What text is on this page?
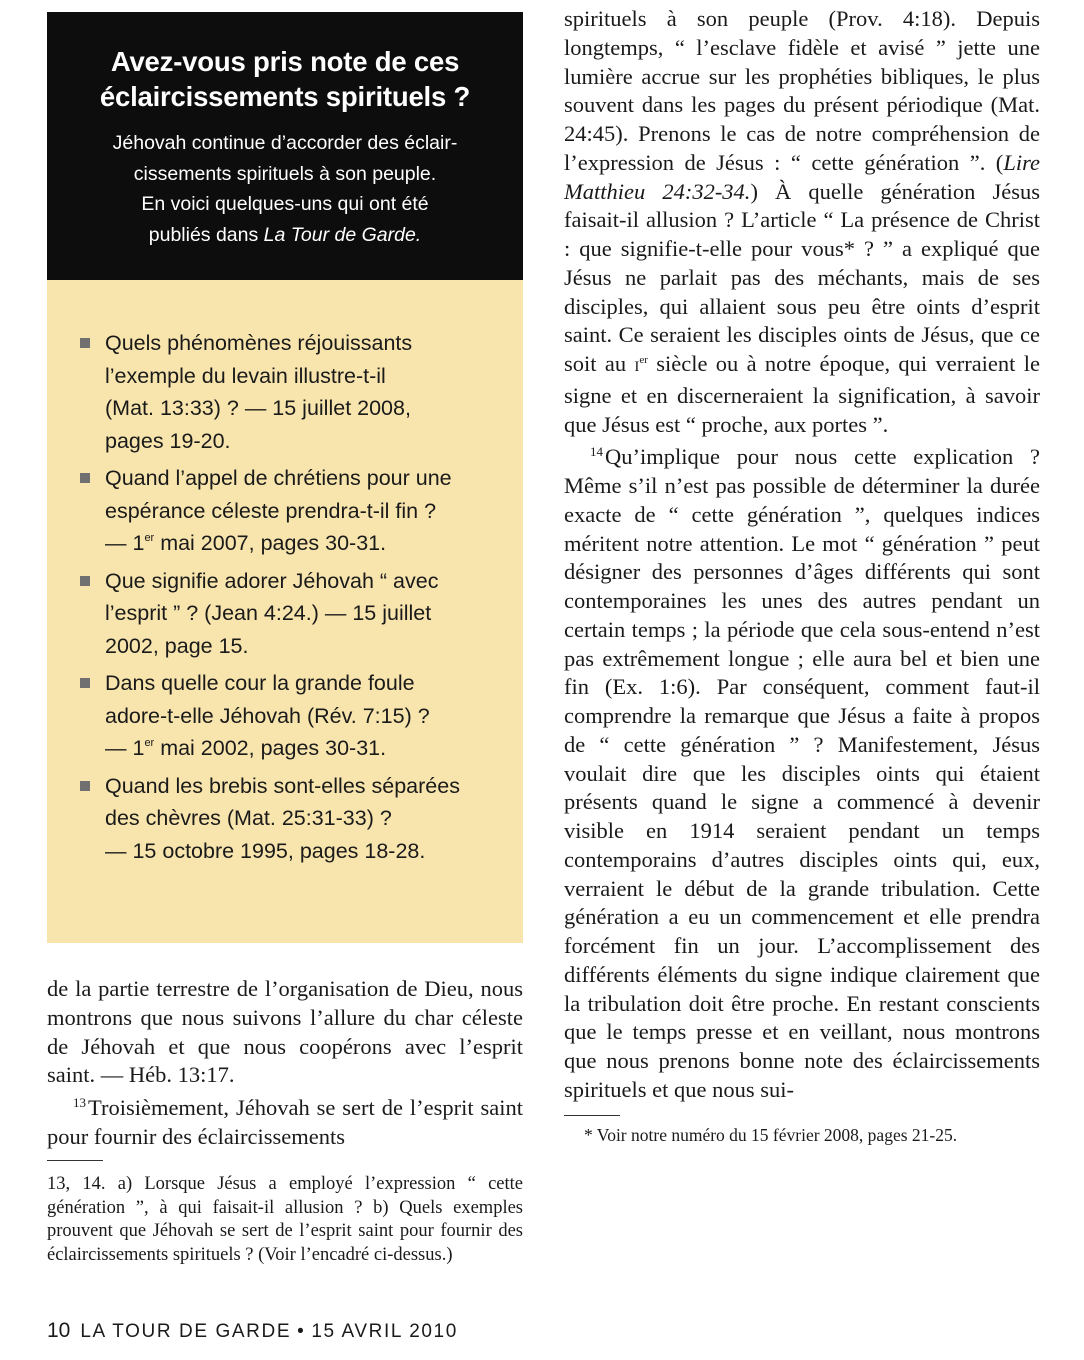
Avez-vous pris note de ces
éclaircissements spirituels ?
Jéhovah continue d’accorder des éclair-
cissements spirituels à son peuple.
En voici quelques-uns qui ont été
publiés dans La Tour de Garde.
Quels phénomènes réjouissants
l’exemple du levain illustre-t-il
(Mat. 13:33) ? — 15 juillet 2008,
pages 19-20.
Quand l’appel de chrétiens pour une
espérance céleste prendra-t-il fin ?
— 1er mai 2007, pages 30-31.
Que signifie adorer Jéhovah “ avec
l’esprit ” ? (Jean 4:24.) — 15 juillet
2002, page 15.
Dans quelle cour la grande foule
adore-t-elle Jéhovah (Rév. 7:15) ?
— 1er mai 2002, pages 30-31.
Quand les brebis sont-elles séparées
des chèvres (Mat. 25:31-33) ?
— 15 octobre 1995, pages 18-28.

de la partie terrestre de l’organisation de Dieu, nous montrons que nous suivons l’allure du char céleste de Jéhovah et que nous coopérons avec l’esprit saint. — Héb. 13:17.

$^{13}$Troisièmement, Jéhovah se sert de l’esprit saint pour fournir des éclaircissements

13, 14. a) Lorsque Jésus a employé l’expression “ cette génération ”, à qui faisait-il allusion ? b) Quels exemples prouvent que Jéhovah se sert de l’esprit saint pour fournir des éclaircissements spirituels ? (Voir l’encadré ci-dessus.)

spirituels à son peuple (Prov. 4:18). Depuis longtemps, “ l’esclave fidèle et avisé ” jette une lumière accrue sur les prophéties bibliques, le plus souvent dans les pages du présent périodique (Mat. 24:45). Prenons le cas de notre compréhension de l’expression de Jésus : “ cette génération ”. (Lire Matthieu 24:32-34.) À quelle génération Jésus faisait-il allusion ? L’article “ La présence de Christ : que signifie-t-elle pour vous* ? ” a expliqué que Jésus ne parlait pas des méchants, mais de ses disciples, qui allaient sous peu être oints d’esprit saint. Ce seraient les disciples oints de Jésus, que ce soit au Ier siècle ou à notre époque, qui verraient le signe et en discerneraient la signification, à savoir que Jésus est “ proche, aux portes ”.

$^{14}$Qu’implique pour nous cette explication ? Même s’il n’est pas possible de déterminer la durée exacte de “ cette génération ”, quelques indices méritent notre attention. Le mot “ génération ” peut désigner des personnes d’âges différents qui sont contemporaines les unes des autres pendant un certain temps ; la période que cela sous-entend n’est pas extrêmement longue ; elle aura bel et bien une fin (Ex. 1:6). Par conséquent, comment faut-il comprendre la remarque que Jésus a faite à propos de “ cette génération ” ? Manifestement, Jésus voulait dire que les disciples oints qui étaient présents quand le signe a commencé à devenir visible en 1914 seraient pendant un temps contemporains d’autres disciples oints qui, eux, verraient le début de la grande tribulation. Cette génération a eu un commencement et elle prendra forcément fin un jour. L’accomplissement des différents éléments du signe indique clairement que la tribulation doit être proche. En restant conscients que le temps presse et en veillant, nous montrons que nous prenons bonne note des éclaircissements spirituels et que nous sui-

* Voir notre numéro du 15 février 2008, pages 21-25.

10 LA TOUR DE GARDE • 15 AVRIL 2010
